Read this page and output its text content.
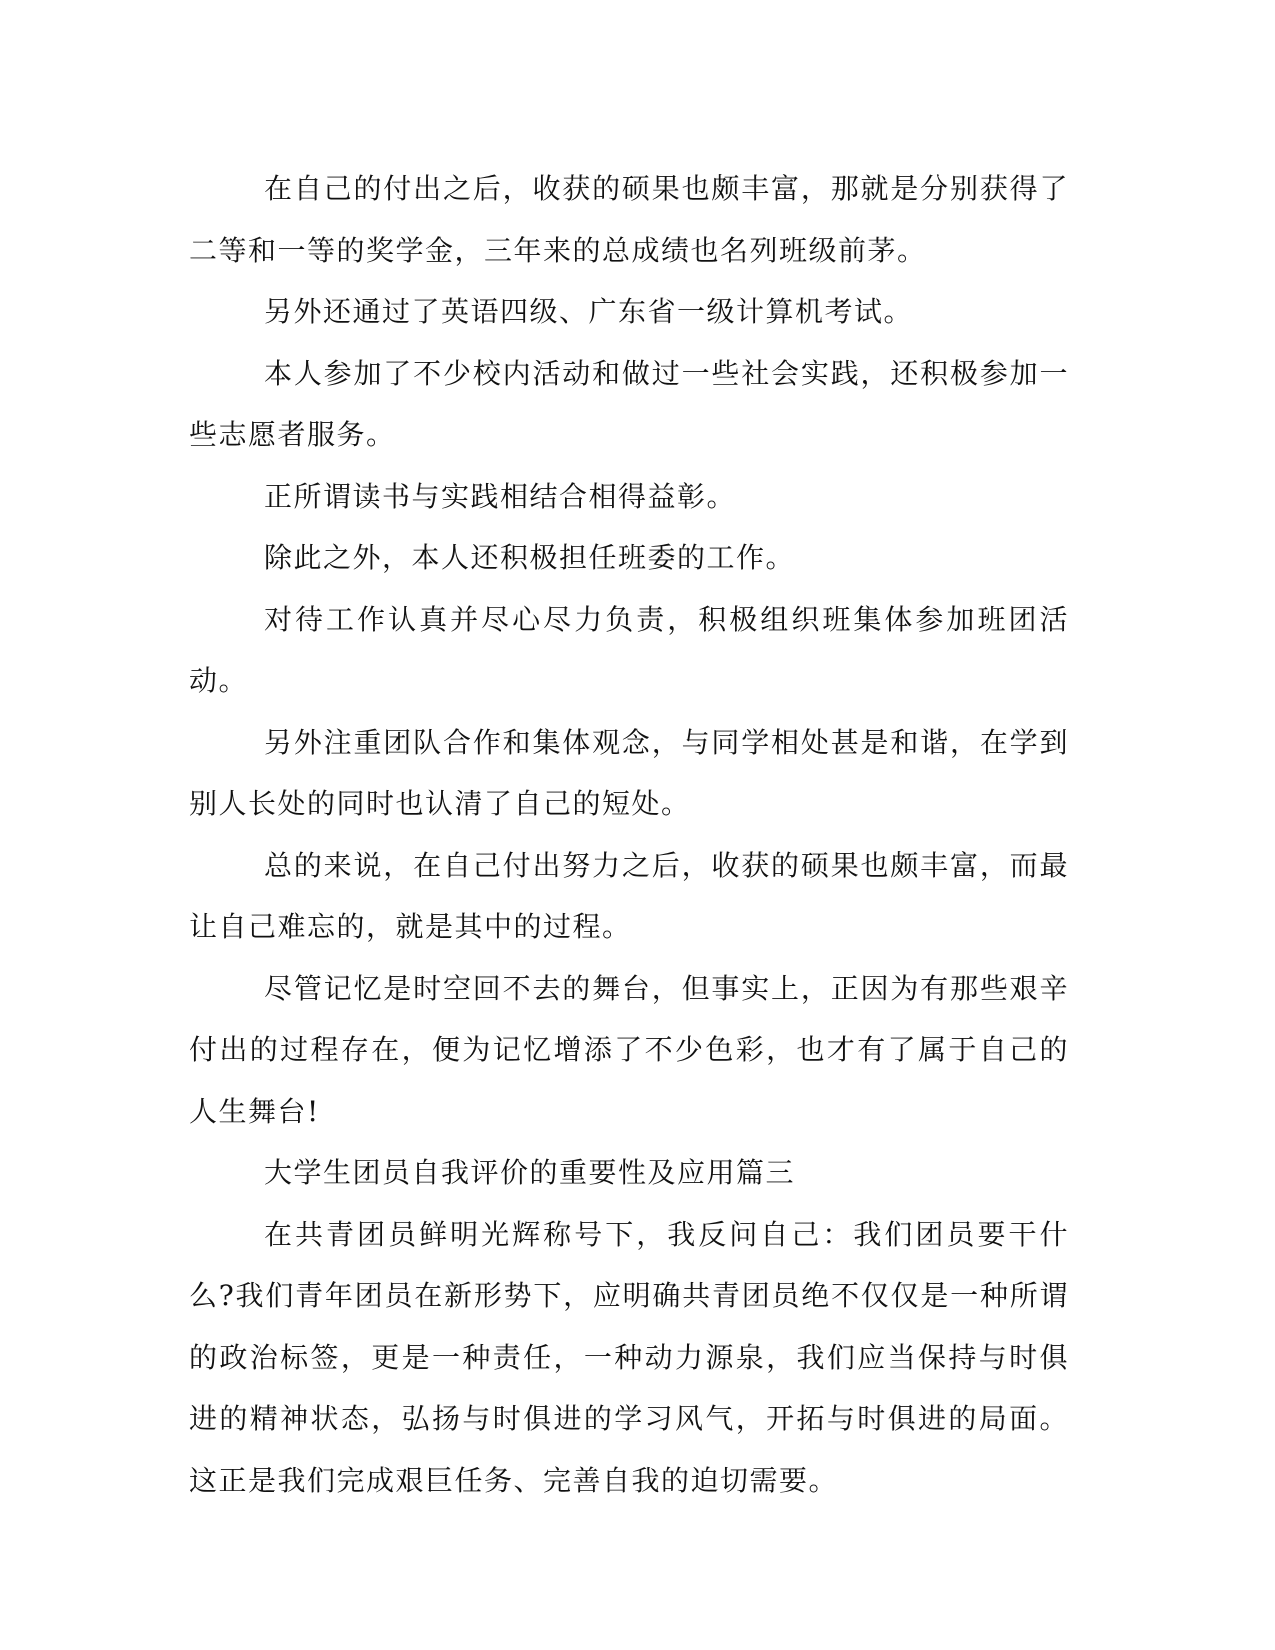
在自己的付出之后，收获的硕果也颇丰富，那就是分别获得了二等和一等的奖学金，三年来的总成绩也名列班级前茅。

另外还通过了英语四级、广东省一级计算机考试。

本人参加了不少校内活动和做过一些社会实践，还积极参加一些志愿者服务。

正所谓读书与实践相结合相得益彰。

除此之外，本人还积极担任班委的工作。

对待工作认真并尽心尽力负责，积极组织班集体参加班团活动。

另外注重团队合作和集体观念，与同学相处甚是和谐，在学到别人长处的同时也认清了自己的短处。

总的来说，在自己付出努力之后，收获的硕果也颇丰富，而最让自己难忘的，就是其中的过程。

尽管记忆是时空回不去的舞台，但事实上，正因为有那些艰辛付出的过程存在，便为记忆增添了不少色彩，也才有了属于自己的人生舞台!

大学生团员自我评价的重要性及应用篇三

在共青团员鲜明光辉称号下，我反问自己：我们团员要干什么?我们青年团员在新形势下，应明确共青团员绝不仅仅是一种所谓的政治标签，更是一种责任，一种动力源泉，我们应当保持与时俱进的精神状态，弘扬与时俱进的学习风气，开拓与时俱进的局面。这正是我们完成艰巨任务、完善自我的迫切需要。
